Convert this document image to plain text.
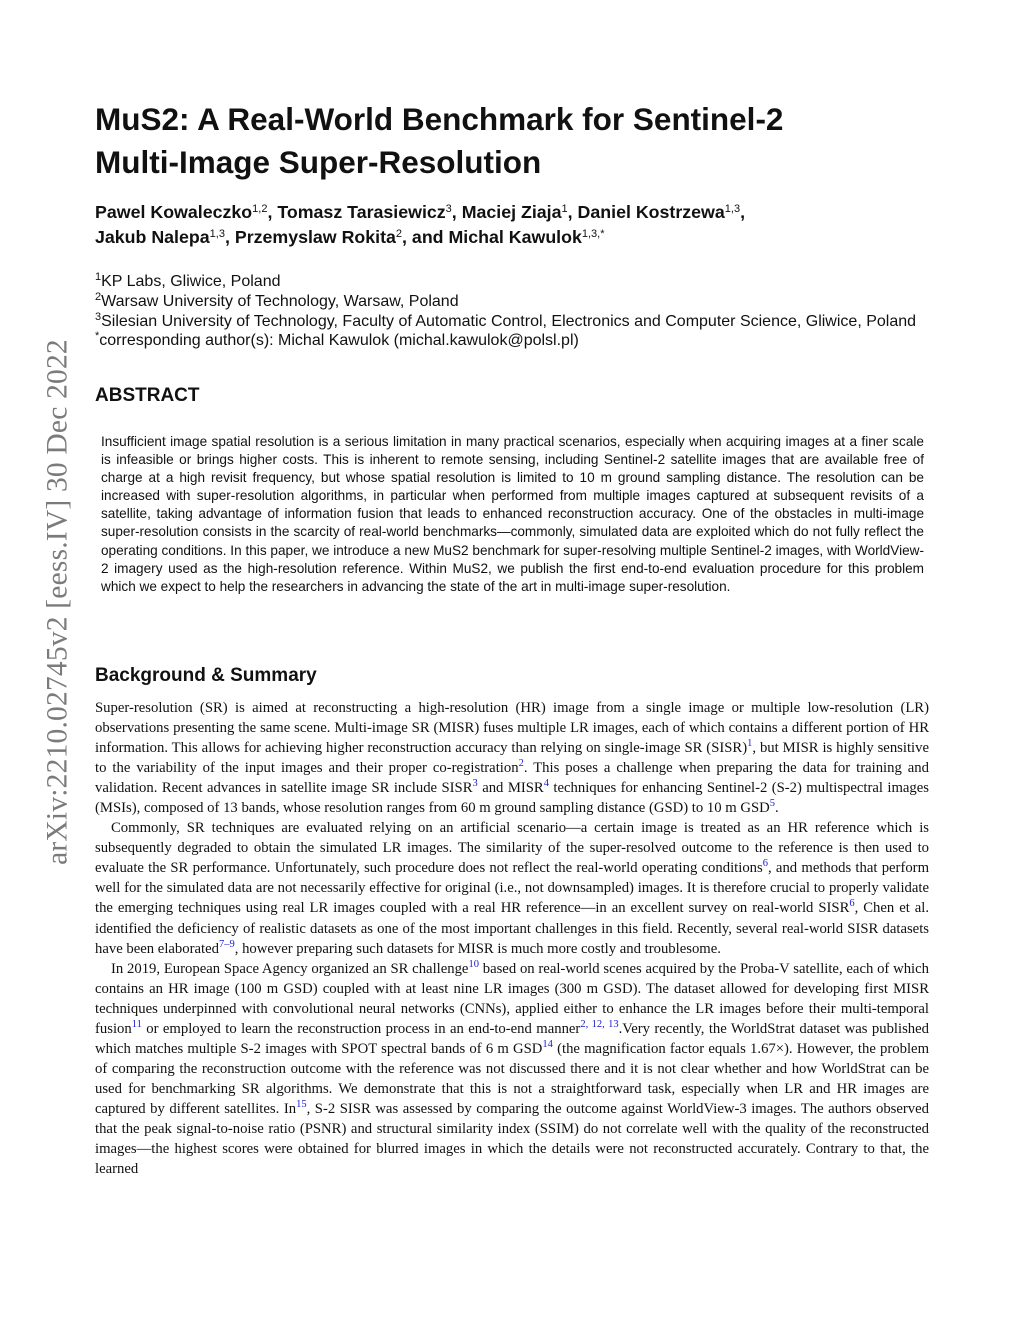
arXiv:2210.02745v2 [eess.IV] 30 Dec 2022
MuS2: A Real-World Benchmark for Sentinel-2
Multi-Image Super-Resolution
Pawel Kowaleczko$^{1,2}$, Tomasz Tarasiewicz$^3$, Maciej Ziaja$^1$, Daniel Kostrzewa$^{1,3}$,
Jakub Nalepa$^{1,3}$, Przemyslaw Rokita$^2$, and Michal Kawulok$^{1,3,*}$
$^1$KP Labs, Gliwice, Poland
$^2$Warsaw University of Technology, Warsaw, Poland
$^3$Silesian University of Technology, Faculty of Automatic Control, Electronics and Computer Science, Gliwice, Poland
*corresponding author(s): Michal Kawulok (michal.kawulok@polsl.pl)
ABSTRACT

Insufficient image spatial resolution is a serious limitation in many practical scenarios, especially when acquiring images at a finer scale is infeasible or brings higher costs. This is inherent to remote sensing, including Sentinel-2 satellite images that are available free of charge at a high revisit frequency, but whose spatial resolution is limited to 10 m ground sampling distance. The resolution can be increased with super-resolution algorithms, in particular when performed from multiple images captured at subsequent revisits of a satellite, taking advantage of information fusion that leads to enhanced reconstruction accuracy. One of the obstacles in multi-image super-resolution consists in the scarcity of real-world benchmarks—commonly, simulated data are exploited which do not fully reflect the operating conditions. In this paper, we introduce a new MuS2 benchmark for super-resolving multiple Sentinel-2 images, with WorldView-2 imagery used as the high-resolution reference. Within MuS2, we publish the first end-to-end evaluation procedure for this problem which we expect to help the researchers in advancing the state of the art in multi-image super-resolution.

Background & Summary

Super-resolution (SR) is aimed at reconstructing a high-resolution (HR) image from a single image or multiple low-resolution (LR) observations presenting the same scene. Multi-image SR (MISR) fuses multiple LR images, each of which contains a different portion of HR information. This allows for achieving higher reconstruction accuracy than relying on single-image SR (SISR)$^1$, but MISR is highly sensitive to the variability of the input images and their proper co-registration$^2$. This poses a challenge when preparing the data for training and validation. Recent advances in satellite image SR include SISR$^3$ and MISR$^4$ techniques for enhancing Sentinel-2 (S-2) multispectral images (MSIs), composed of 13 bands, whose resolution ranges from 60 m ground sampling distance (GSD) to 10 m GSD$^5$.

Commonly, SR techniques are evaluated relying on an artificial scenario—a certain image is treated as an HR reference which is subsequently degraded to obtain the simulated LR images. The similarity of the super-resolved outcome to the reference is then used to evaluate the SR performance. Unfortunately, such procedure does not reflect the real-world operating conditions$^6$, and methods that perform well for the simulated data are not necessarily effective for original (i.e., not downsampled) images. It is therefore crucial to properly validate the emerging techniques using real LR images coupled with a real HR reference—in an excellent survey on real-world SISR$^6$, Chen et al. identified the deficiency of realistic datasets as one of the most important challenges in this field. Recently, several real-world SISR datasets have been elaborated$^{7-9}$, however preparing such datasets for MISR is much more costly and troublesome.

In 2019, European Space Agency organized an SR challenge$^{10}$ based on real-world scenes acquired by the Proba-V satellite, each of which contains an HR image (100 m GSD) coupled with at least nine LR images (300 m GSD). The dataset allowed for developing first MISR techniques underpinned with convolutional neural networks (CNNs), applied either to enhance the LR images before their multi-temporal fusion$^{11}$ or employed to learn the reconstruction process in an end-to-end manner$^{2, 12, 13}$.Very recently, the WorldStrat dataset was published which matches multiple S-2 images with SPOT spectral bands of 6 m GSD$^{14}$ (the magnification factor equals 1.67×). However, the problem of comparing the reconstruction outcome with the reference was not discussed there and it is not clear whether and how WorldStrat can be used for benchmarking SR algorithms. We demonstrate that this is not a straightforward task, especially when LR and HR images are captured by different satellites. In$^{15}$, S-2 SISR was assessed by comparing the outcome against WorldView-3 images. The authors observed that the peak signal-to-noise ratio (PSNR) and structural similarity index (SSIM) do not correlate well with the quality of the reconstructed images—the highest scores were obtained for blurred images in which the details were not reconstructed accurately. Contrary to that, the learned
